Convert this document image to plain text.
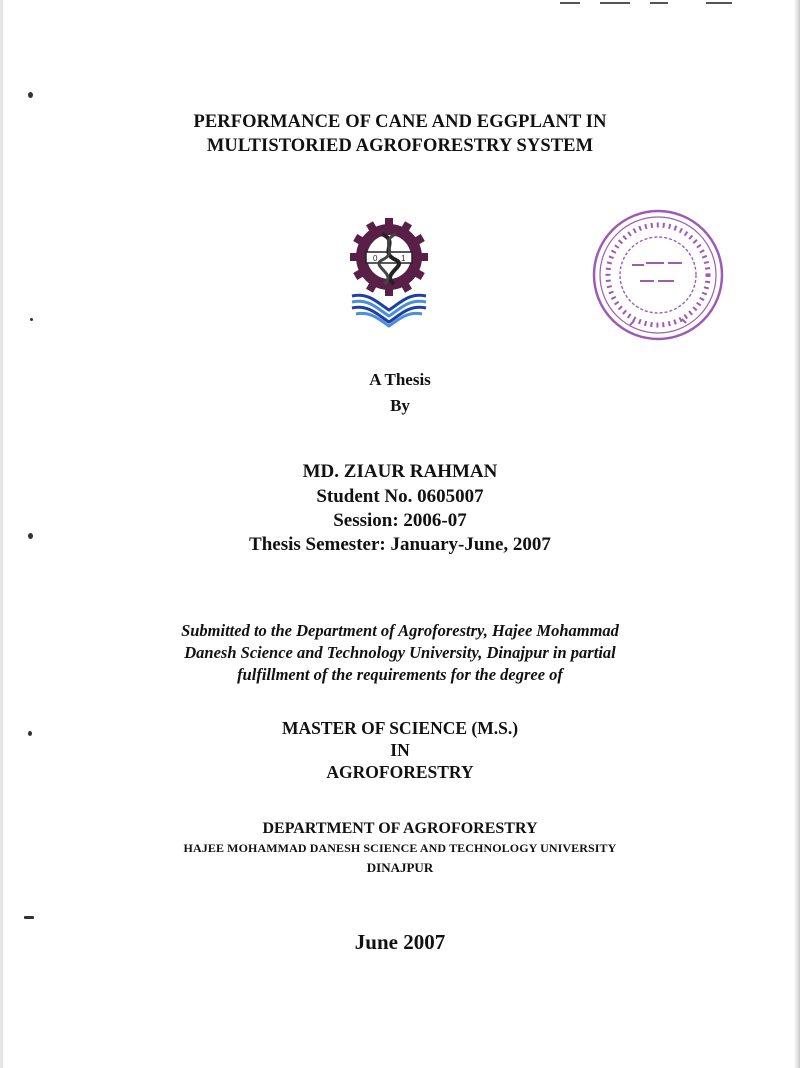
PERFORMANCE OF CANE AND EGGPLANT IN
MULTISTORIED AGROFORESTRY SYSTEM
0	1
A Thesis
By
MD. ZIAUR RAHMAN
Student No. 0605007
Session: 2006-07
Thesis Semester: January-June, 2007
Submitted to the Department of Agroforestry, Hajee Mohammad
Danesh Science and Technology University, Dinajpur in partial
fulfillment of the requirements for the degree of
MASTER OF SCIENCE (M.S.)
IN
AGROFORESTRY
DEPARTMENT OF AGROFORESTRY
HAJEE MOHAMMAD DANESH SCIENCE AND TECHNOLOGY UNIVERSITY
DINAJPUR
June 2007
